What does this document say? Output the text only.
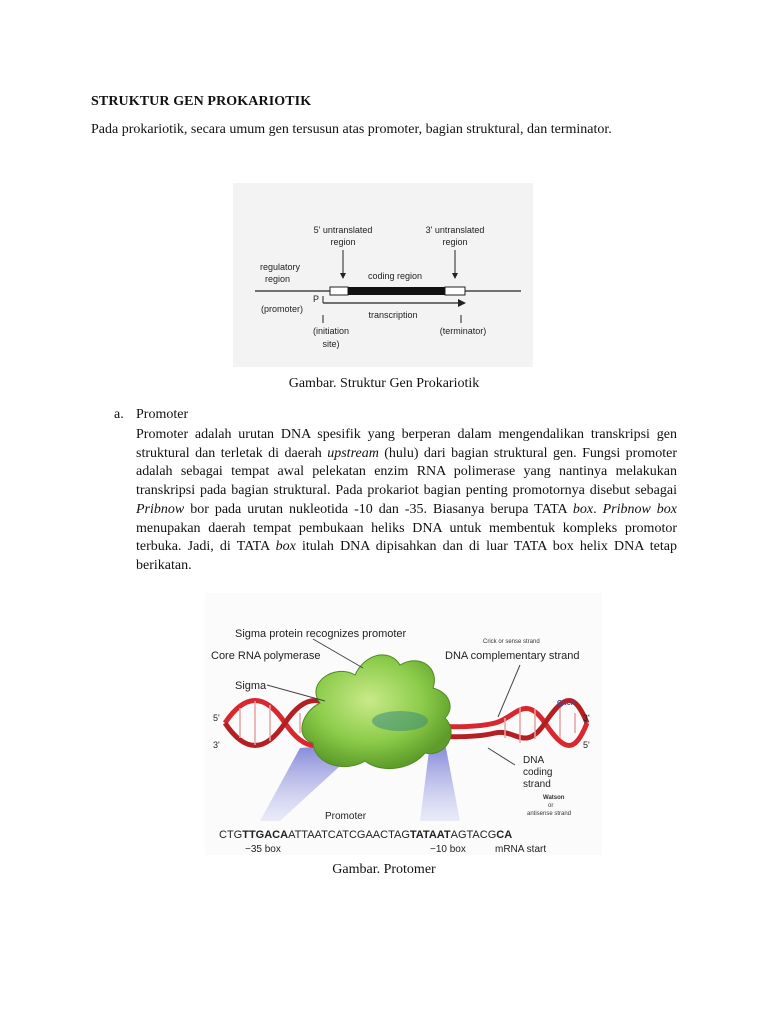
STRUKTUR GEN PROKARIOTIK
Pada prokariotik, secara umum gen tersusun atas promoter, bagian struktural, dan terminator.
5' untranslated
region
3' untranslated
region
regulatory
region	coding region
(promoter)
P
transcription
(initiation
site)
(terminator)
Gambar. Struktur Gen Prokariotik
a. Promoter
Promoter adalah urutan DNA spesifik yang berperan dalam mengendalikan transkripsi gen struktural dan terletak di daerah upstream (hulu) dari bagian struktural gen. Fungsi promoter adalah sebagai tempat awal pelekatan enzim RNA polimerase yang nantinya melakukan transkripsi pada bagian struktural. Pada prokariot bagian penting promotornya disebut sebagai Pribnow bor pada urutan nukleotida -10 dan -35. Biasanya berupa TATA box. Pribnow box menupakan daerah tempat pembukaan heliks DNA untuk membentuk kompleks promotor terbuka. Jadi, di TATA box itulah DNA dipisahkan dan di luar TATA box helix DNA tetap berikatan.
Sigma protein recognizes promoter
Core RNA polymerase
Sigma
Crick or sense strand
DNA complementary strand
Crick
5'
3'
3'
5'
DNA
coding
strand
Watson
or
antisense strand
Promoter
CTGTTGACAATTAATCATCGAACTAGTATAATAGTACGCA
−35 box	−10 box	mRNA start
Gambar. Protomer
